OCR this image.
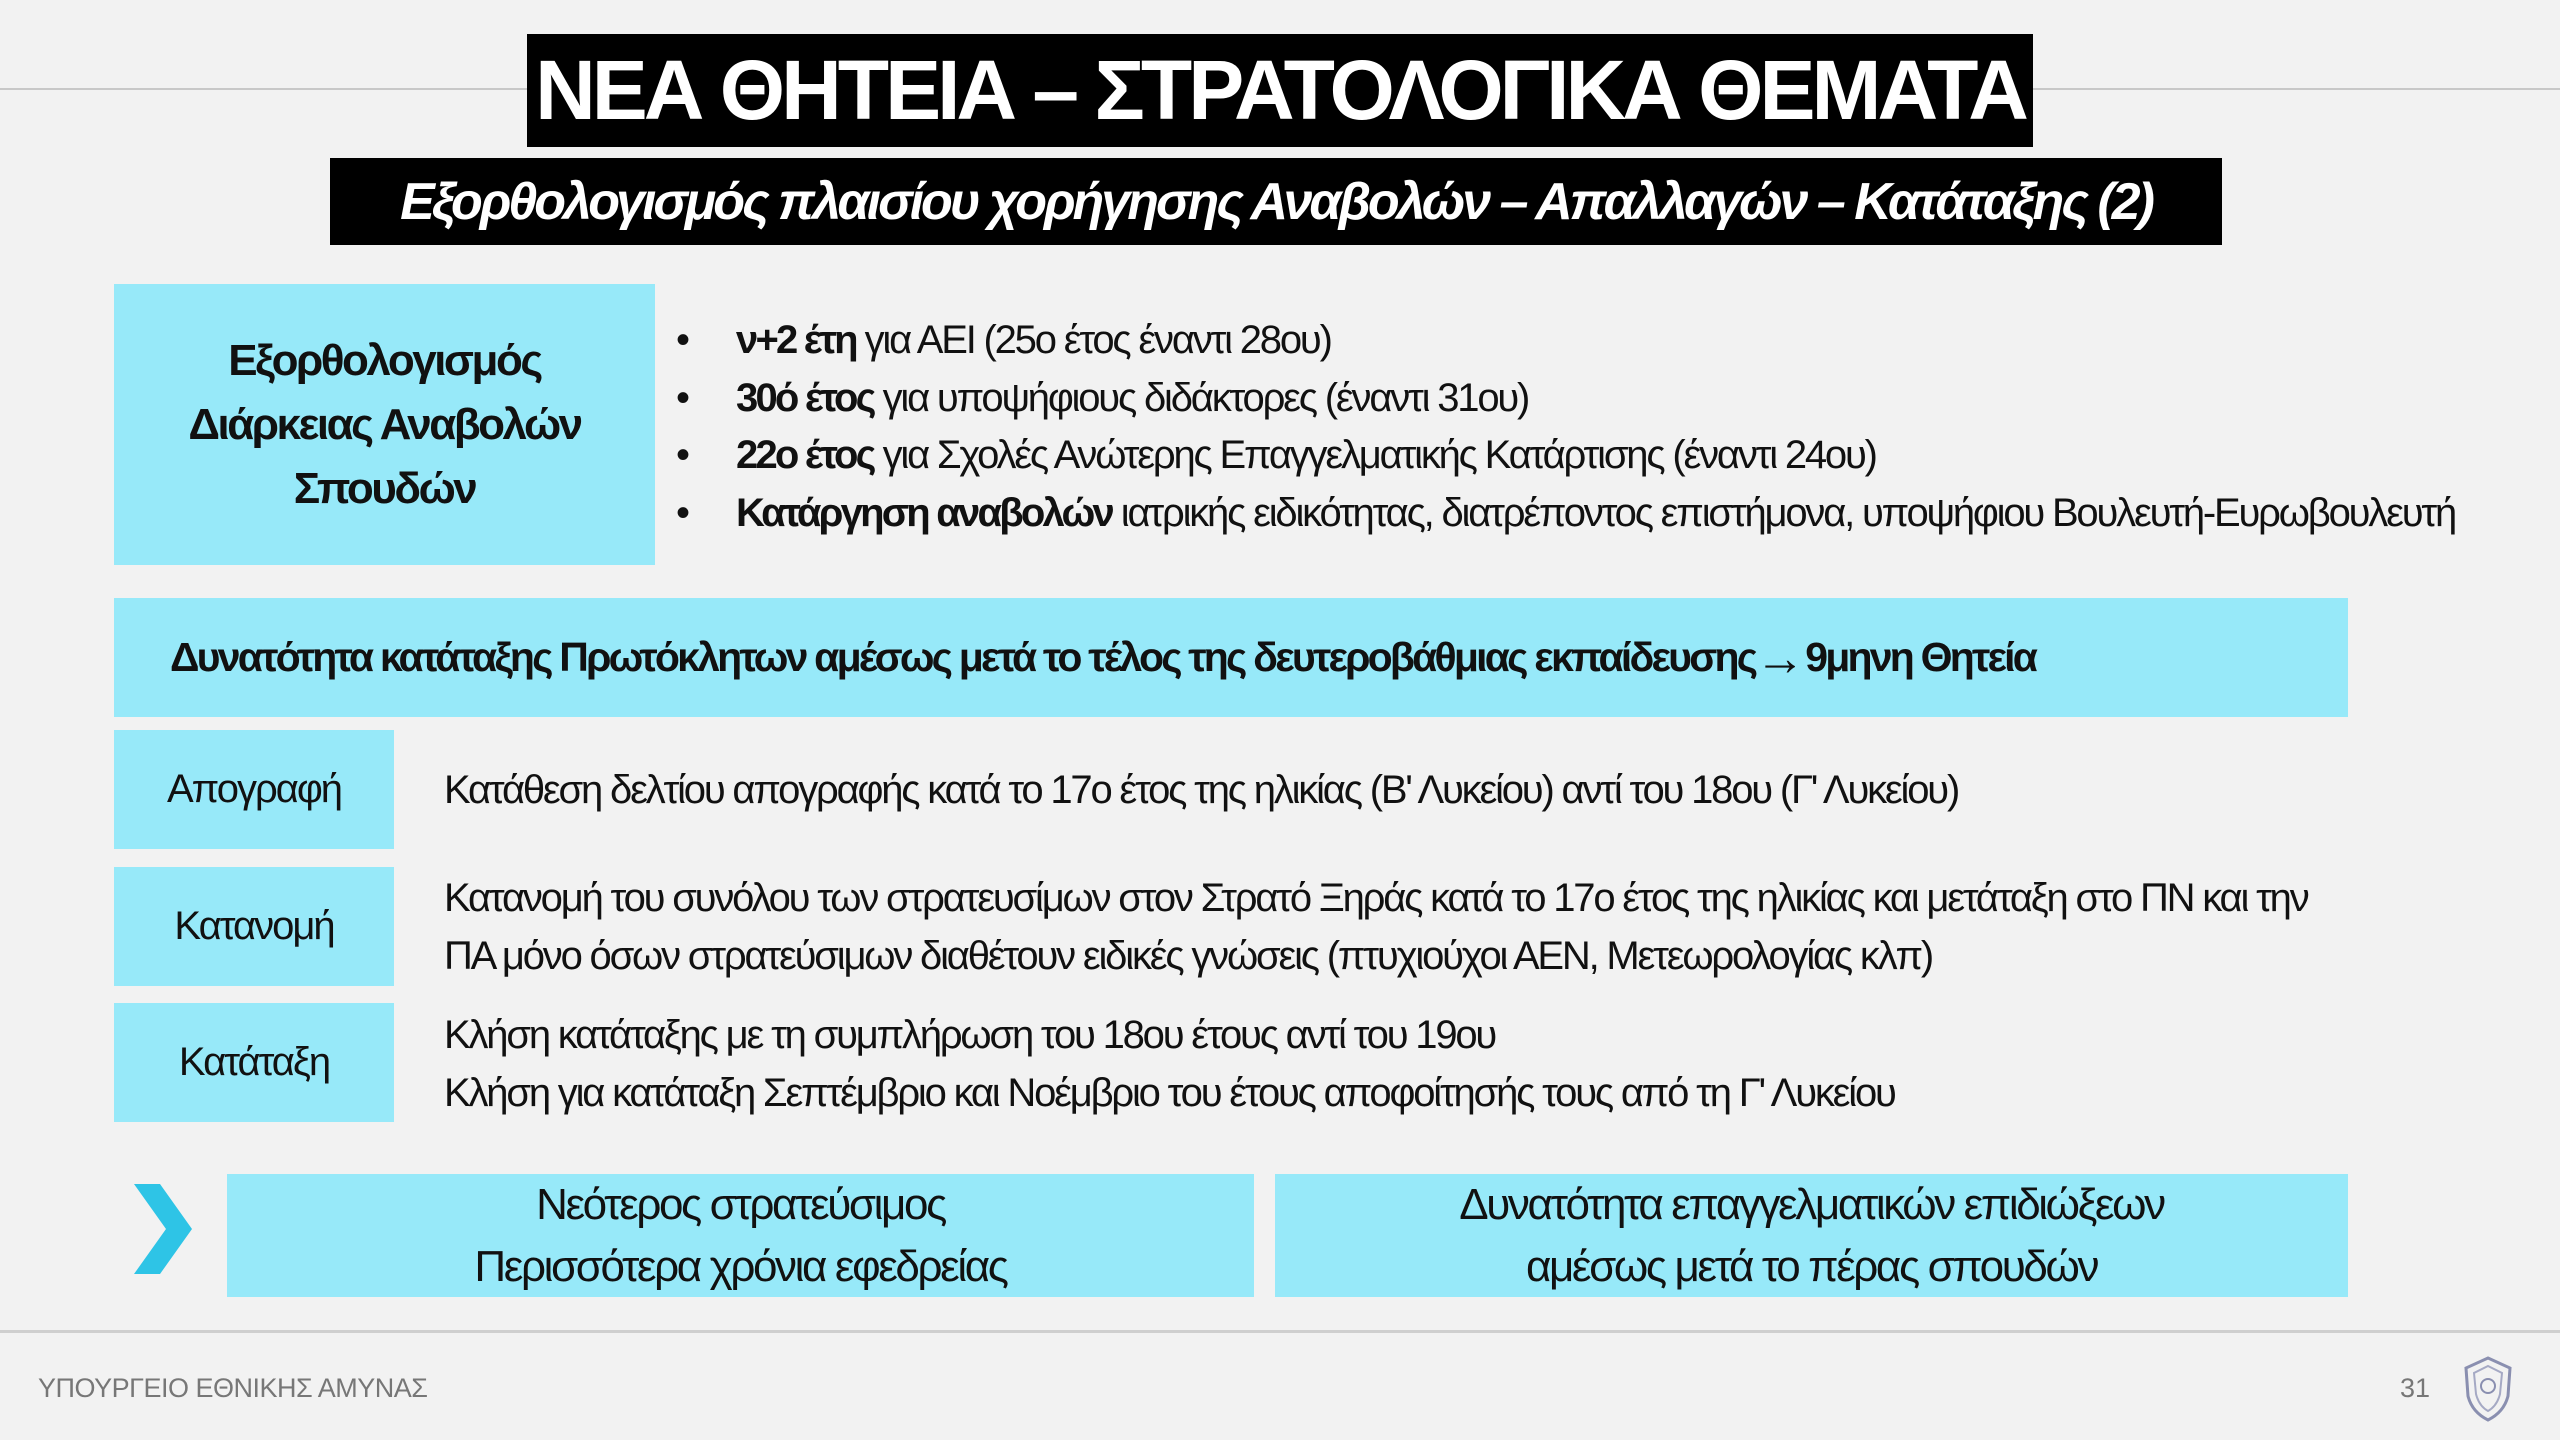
ΝΕΑ ΘΗΤΕΙΑ – ΣΤΡΑΤΟΛΟΓΙΚΑ ΘΕΜΑΤΑ
Εξορθολογισμός πλαισίου χορήγησης Αναβολών – Απαλλαγών – Κατάταξης (2)
Εξορθολογισμός
Διάρκειας Αναβολών
Σπουδών
• ν+2 έτη για ΑΕΙ (25ο έτος έναντι 28ου)
• 30ό έτος για υποψήφιους διδάκτορες (έναντι 31ου)
• 22ο έτος για Σχολές Ανώτερης Επαγγελματικής Κατάρτισης (έναντι 24ου)
• Κατάργηση αναβολών ιατρικής ειδικότητας, διατρέποντος επιστήμονα, υποψήφιου Βουλευτή-Ευρωβουλευτή
Δυνατότητα κατάταξης Πρωτόκλητων αμέσως μετά το τέλος της δευτεροβάθμιας εκπαίδευσης → 9μηνη Θητεία
Απογραφή	Κατάθεση δελτίου απογραφής κατά το 17ο έτος της ηλικίας (Β' Λυκείου) αντί του 18ου (Γ' Λυκείου)
Κατανομή
Κατανομή του συνόλου των στρατευσίμων στον Στρατό Ξηράς κατά το 17ο έτος της ηλικίας και μετάταξη στο ΠΝ και την
ΠΑ μόνο όσων στρατεύσιμων διαθέτουν ειδικές γνώσεις (πτυχιούχοι ΑΕΝ, Μετεωρολογίας κλπ)
Κατάταξη
Κλήση κατάταξης με τη συμπλήρωση του 18ου έτους αντί του 19ου
Κλήση για κατάταξη Σεπτέμβριο και Νοέμβριο του έτους αποφοίτησής τους από τη Γ' Λυκείου
Νεότερος στρατεύσιμος
Περισσότερα χρόνια εφεδρείας
Δυνατότητα επαγγελματικών επιδιώξεων
αμέσως μετά το πέρας σπουδών
ΥΠΟΥΡΓΕΙΟ ΕΘΝΙΚΗΣ ΑΜΥΝΑΣ	31
